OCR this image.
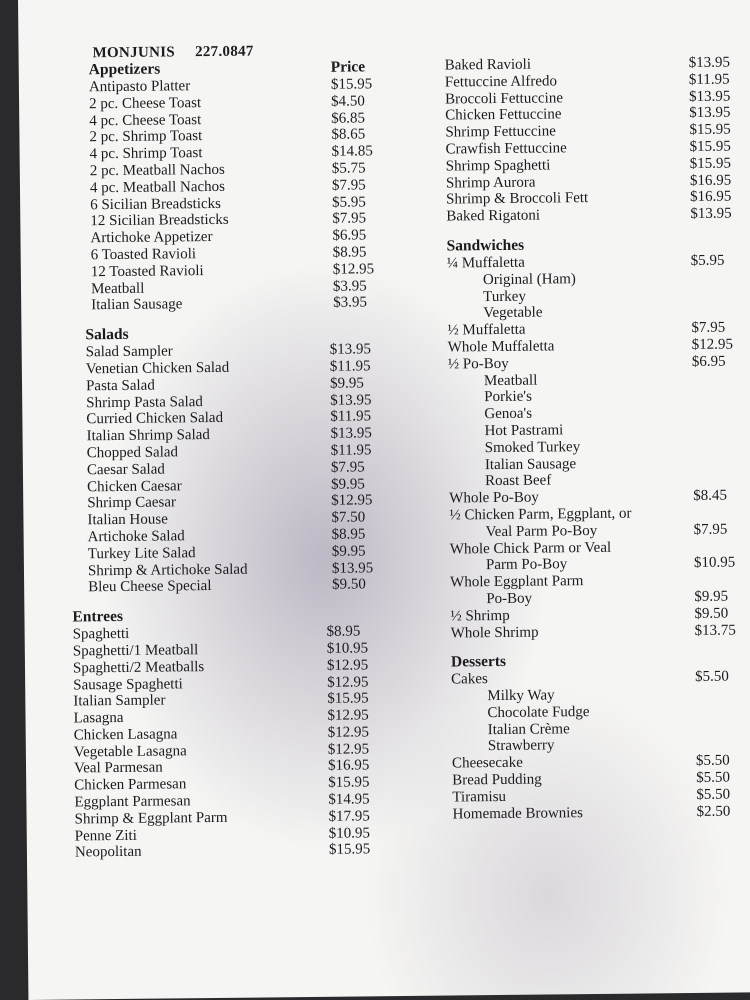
MONJUNIS 227.0847
Appetizers	Price
Antipasto Platter	$15.95
2 pc. Cheese Toast	$4.50
4 pc. Cheese Toast	$6.85
2 pc. Shrimp Toast	$8.65
4 pc. Shrimp Toast	$14.85
2 pc. Meatball Nachos	$5.75
4 pc. Meatball Nachos	$7.95
6 Sicilian Breadsticks	$5.95
12 Sicilian Breadsticks	$7.95
Artichoke Appetizer	$6.95
6 Toasted Ravioli	$8.95
12 Toasted Ravioli	$12.95
Meatball	$3.95
Italian Sausage	$3.95
Salads
Salad Sampler	$13.95
Venetian Chicken Salad	$11.95
Pasta Salad	$9.95
Shrimp Pasta Salad	$13.95
Curried Chicken Salad	$11.95
Italian Shrimp Salad	$13.95
Chopped Salad	$11.95
Caesar Salad	$7.95
Chicken Caesar	$9.95
Shrimp Caesar	$12.95
Italian House	$7.50
Artichoke Salad	$8.95
Turkey Lite Salad	$9.95
Shrimp & Artichoke Salad	$13.95
Bleu Cheese Special	$9.50
Entrees
Spaghetti	$8.95
Spaghetti/1 Meatball	$10.95
Spaghetti/2 Meatballs	$12.95
Sausage Spaghetti	$12.95
Italian Sampler	$15.95
Lasagna	$12.95
Chicken Lasagna	$12.95
Vegetable Lasagna	$12.95
Veal Parmesan	$16.95
Chicken Parmesan	$15.95
Eggplant Parmesan	$14.95
Shrimp & Eggplant Parm	$17.95
Penne Ziti	$10.95
Neopolitan	$15.95
Baked Ravioli	$13.95
Fettuccine Alfredo	$11.95
Broccoli Fettuccine	$13.95
Chicken Fettuccine	$13.95
Shrimp Fettuccine	$15.95
Crawfish Fettuccine	$15.95
Shrimp Spaghetti	$15.95
Shrimp Aurora	$16.95
Shrimp & Broccoli Fett	$16.95
Baked Rigatoni	$13.95
Sandwiches
¼ Muffaletta	$5.95
Original (Ham)
Turkey
Vegetable
½ Muffaletta	$7.95
Whole Muffaletta	$12.95
½ Po-Boy	$6.95
Meatball
Porkie's
Genoa's
Hot Pastrami
Smoked Turkey
Italian Sausage
Roast Beef
Whole Po-Boy	$8.45
½ Chicken Parm, Eggplant, or
Veal Parm Po-Boy	$7.95
Whole Chick Parm or Veal
Parm Po-Boy	$10.95
Whole Eggplant Parm
Po-Boy	$9.95
½ Shrimp	$9.50
Whole Shrimp	$13.75
Desserts
Cakes	$5.50
Milky Way
Chocolate Fudge
Italian Crème
Strawberry
Cheesecake	$5.50
Bread Pudding	$5.50
Tiramisu	$5.50
Homemade Brownies	$2.50
